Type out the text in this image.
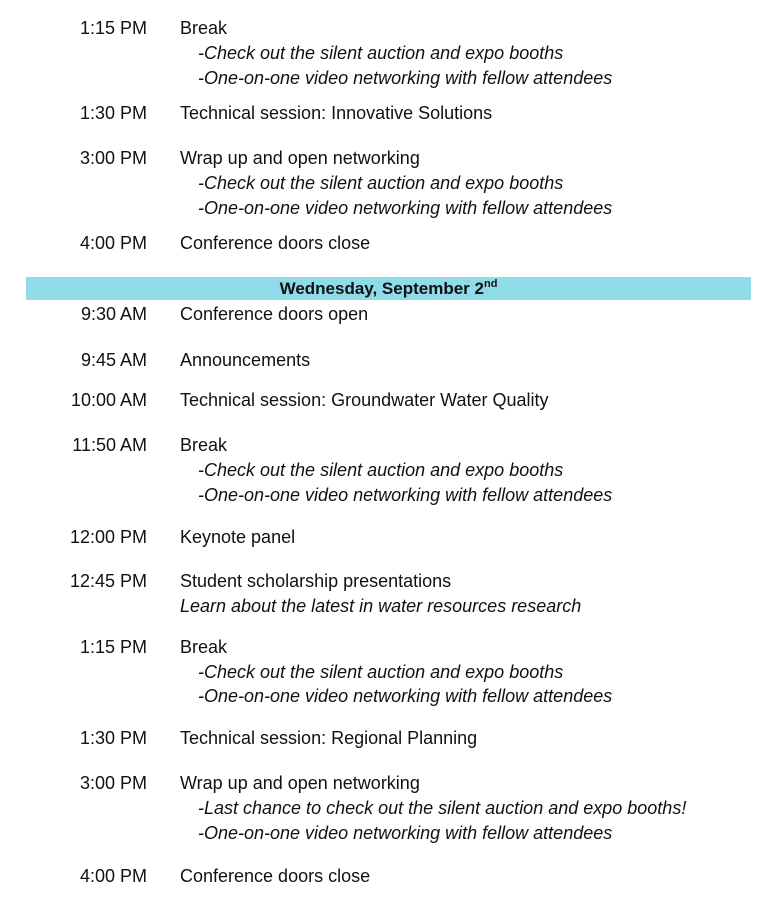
1:15 PM Break
-Check out the silent auction and expo booths
-One-on-one video networking with fellow attendees
1:30 PM Technical session: Innovative Solutions
3:00 PM Wrap up and open networking
-Check out the silent auction and expo booths
-One-on-one video networking with fellow attendees
4:00 PM Conference doors close
Wednesday, September 2nd
9:30 AM Conference doors open
9:45 AM Announcements
10:00 AM Technical session: Groundwater Water Quality
11:50 AM Break
-Check out the silent auction and expo booths
-One-on-one video networking with fellow attendees
12:00 PM Keynote panel
12:45 PM Student scholarship presentations
Learn about the latest in water resources research
1:15 PM Break
-Check out the silent auction and expo booths
-One-on-one video networking with fellow attendees
1:30 PM Technical session: Regional Planning
3:00 PM Wrap up and open networking
-Last chance to check out the silent auction and expo booths!
-One-on-one video networking with fellow attendees
4:00 PM Conference doors close
